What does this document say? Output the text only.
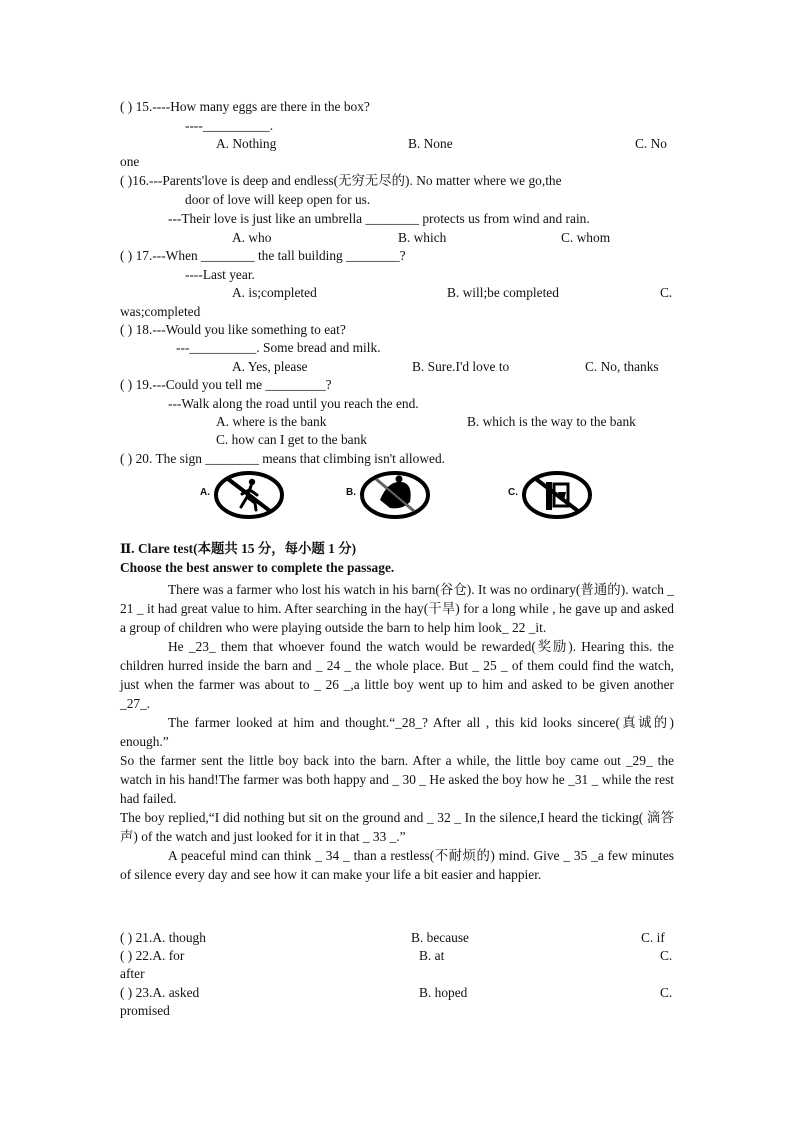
( ) 15.----How many eggs are there in the box?
----__________.
A. Nothing	B. None	C. No
one
( )16.---Parents'love is deep and endless(无穷无尽的). No matter where we go,the
door of love will keep open for us.
---Their love is just like an umbrella ________ protects us from wind and rain.
A. who	B. which	C. whom
( ) 17.---When ________ the tall building ________?
----Last year.
A. is;completed	B. will;be completed	C.
was;completed
( ) 18.---Would you like something to eat?
---__________. Some bread and milk.
A. Yes, please	B. Sure.I'd love to	C. No, thanks
( ) 19.---Could you tell me _________?
---Walk along the road until you reach the end.
A. where is the bank	B. which is the way to the bank
C. how can I get to the bank
( ) 20. The sign ________ means that climbing isn't allowed.
A.	B.	C.
Ⅱ. Clare test(本题共 15 分，每小题 1 分)
Choose the best answer to complete the passage.

There was a farmer who lost his watch in his barn(谷仓). It was no ordinary(普通的). watch _ 21 _ it had great value to him. After searching in the hay(干旱) for a long while , he gave up and asked a group of children who were playing outside the barn to help him look_ 22 _it.

He _23_ them that whoever found the watch would be rewarded(奖励). Hearing this. the children hurred inside the barn and _ 24 _ the whole place. But _ 25 _ of them could find the watch, just when the farmer was about to _ 26 _,a little boy went up to him and asked to be given another _27_.

The farmer looked at him and thought.“_28_? After all , this kid looks sincere(真诚的) enough.”

So the farmer sent the little boy back into the barn. After a while, the little boy came out _29_ the watch in his hand!The farmer was both happy and _ 30 _ He asked the boy how he _31 _ while the rest had failed.

The boy replied,“I did nothing but sit on the ground and _ 32 _ In the silence,I heard the ticking( 滴答声) of the watch and just looked for it in that _ 33 _.”

A peaceful mind can think _ 34 _ than a restless(不耐烦的) mind. Give _ 35 _a few minutes of silence every day and see how it can make your life a bit easier and happier.

( ) 21.A. though	B. because	C. if
( ) 22.A. for	B. at	C.
after
( ) 23.A. asked	B. hoped	C.
promised
